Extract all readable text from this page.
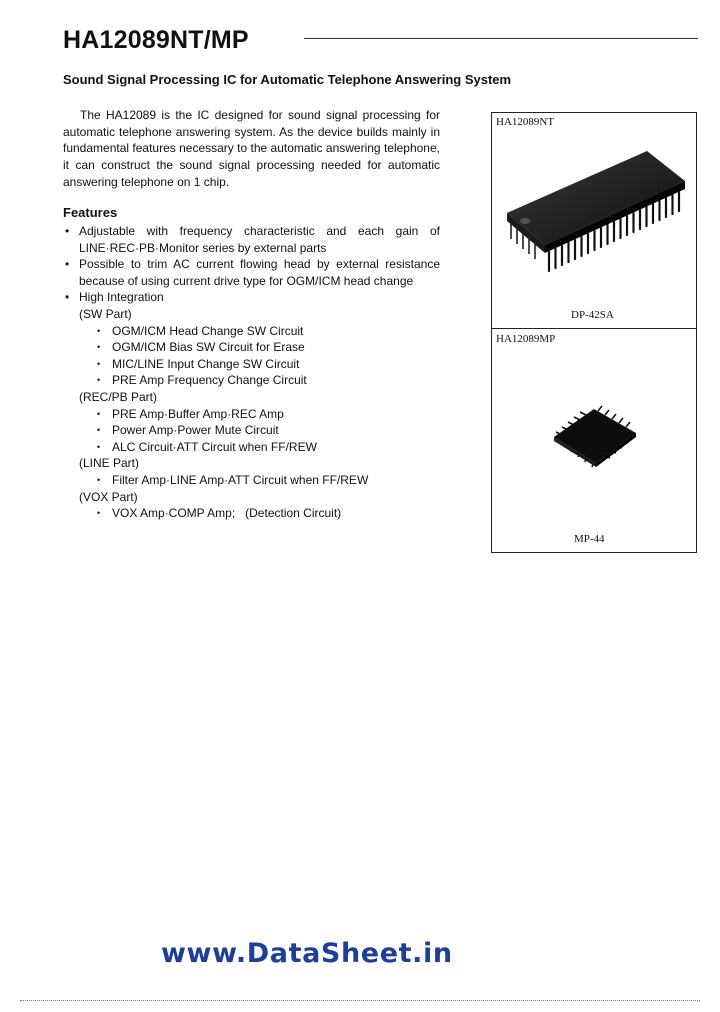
HA12089NT/MP
Sound Signal Processing IC for Automatic Telephone Answering System

The HA12089 is the IC designed for sound signal processing for automatic telephone answering system. As the device builds mainly in fundamental features necessary to the automatic answering telephone, it can construct the sound signal processing needed for automatic answering telephone on 1 chip.

Features
• Adjustable with frequency characteristic and each gain of LINE·REC·PB·Monitor series by external parts
• Possible to trim AC current flowing head by external resistance because of using current drive type for OGM/ICM head change
• High Integration
(SW Part)
• OGM/ICM Head Change SW Circuit
• OGM/ICM Bias SW Circuit for Erase
• MIC/LINE Input Change SW Circuit
• PRE Amp Frequency Change Circuit
(REC/PB Part)
• PRE Amp·Buffer Amp·REC Amp
• Power Amp·Power Mute Circuit
• ALC Circuit·ATT Circuit when FF/REW
(LINE Part)
• Filter Amp·LINE Amp·ATT Circuit when FF/REW
(VOX Part)
• VOX Amp·COMP Amp;   (Detection Circuit)
HA12089NT
DP-42SA
HA12089MP
MP-44
www.DataSheet.in
